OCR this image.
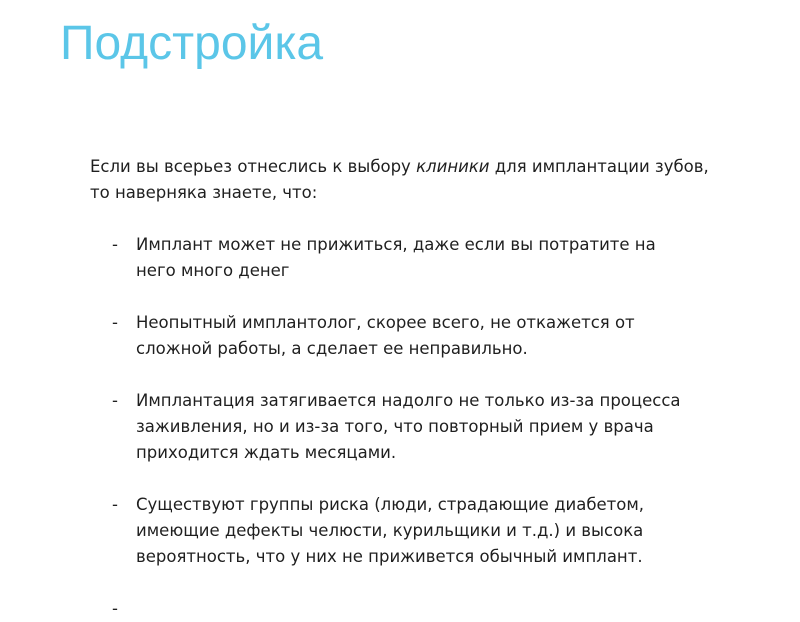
Подстройка

Если вы всерьез отнеслись к выбору клиники для имплантации зубов, то наверняка знаете, что:

- Имплант может не прижиться, даже если вы потратите на него много денег
- Неопытный имплантолог, скорее всего, не откажется от сложной работы, а сделает ее неправильно.
- Имплантация затягивается надолго не только из-за процесса заживления, но и из-за того, что повторный прием у врача приходится ждать месяцами.
- Существуют группы риска (люди, страдающие диабетом, имеющие дефекты челюсти, курильщики и т.д.) и высока вероятность, что у них не приживется обычный имплант.
-
